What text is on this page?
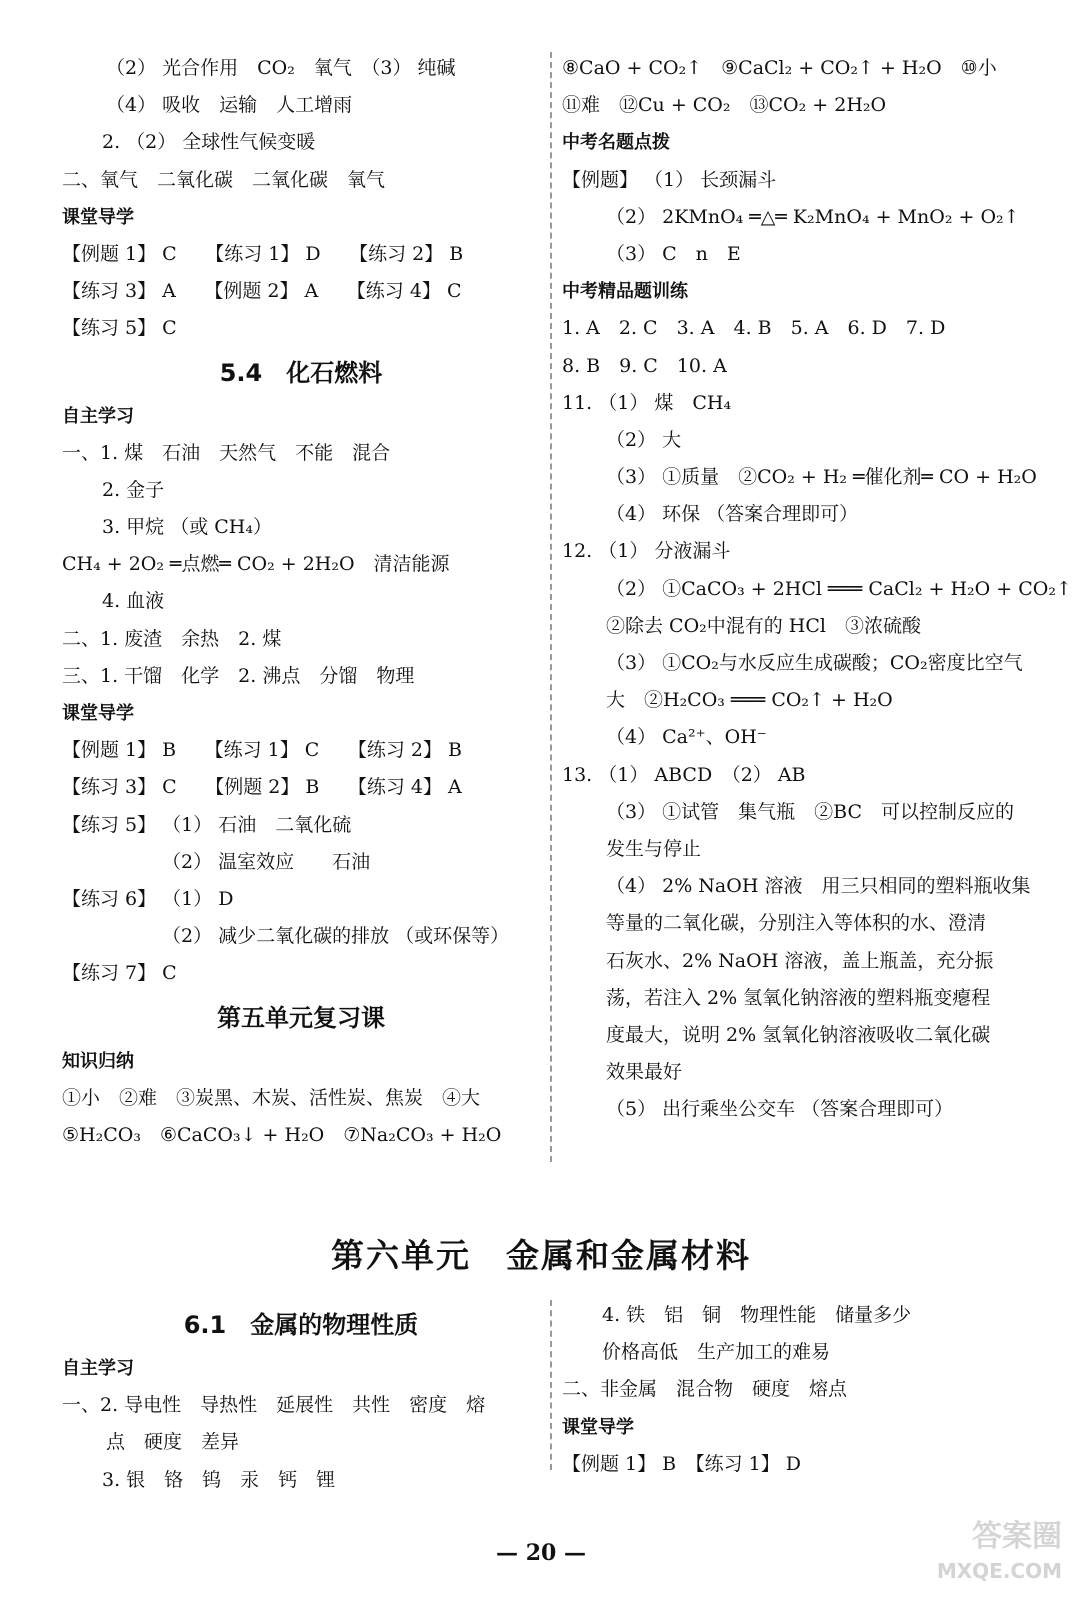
（2） 光合作用　CO₂　氧气　（3） 纯碱
（4） 吸收　运输　人工增雨
2. （2） 全球性气候变暖
二、氧气　二氧化碳　二氧化碳　氧气
课堂导学
【例题 1】 C　　【练习 1】 D　　【练习 2】 B
【练习 3】 A　　【例题 2】 A　　【练习 4】 C
【练习 5】 C
5.4　化石燃料
自主学习
一、1. 煤　石油　天然气　不能　混合
2. 金子
3. 甲烷 （或 CH₄）
CH₄ + 2O₂ ═点燃═ CO₂ + 2H₂O　清洁能源
4. 血液
二、1. 废渣　余热　2. 煤
三、1. 干馏　化学　2. 沸点　分馏　物理
课堂导学
【例题 1】 B　　【练习 1】 C　　【练习 2】 B
【练习 3】 C　　【例题 2】 B　　【练习 4】 A
【练习 5】 （1） 石油　二氧化硫
（2） 温室效应　　石油
【练习 6】 （1） D
（2） 减少二氧化碳的排放 （或环保等）
【练习 7】 C
第五单元复习课
知识归纳
①小　②难　③炭黑、木炭、活性炭、焦炭　④大
⑤H₂CO₃　⑥CaCO₃↓ + H₂O　⑦Na₂CO₃ + H₂O
⑧CaO + CO₂↑　⑨CaCl₂ + CO₂↑ + H₂O　⑩小
⑪难　⑫Cu + CO₂　⑬CO₂ + 2H₂O
中考名题点拨
【例题】 （1） 长颈漏斗
（2） 2KMnO₄ ═△═ K₂MnO₄ + MnO₂ + O₂↑
（3） C　n　E
中考精品题训练
1. A　2. C　3. A　4. B　5. A　6. D　7. D
8. B　9. C　10. A
11. （1） 煤　CH₄
（2） 大
（3） ①质量　②CO₂ + H₂ ═催化剂═ CO + H₂O
（4） 环保 （答案合理即可）
12. （1） 分液漏斗
（2） ①CaCO₃ + 2HCl ═══ CaCl₂ + H₂O + CO₂↑
②除去 CO₂中混有的 HCl　③浓硫酸
（3） ①CO₂与水反应生成碳酸；CO₂密度比空气
大　②H₂CO₃ ═══ CO₂↑ + H₂O
（4） Ca²⁺、OH⁻
13. （1） ABCD　（2） AB
（3） ①试管　集气瓶　②BC　可以控制反应的
发生与停止
（4） 2% NaOH 溶液　用三只相同的塑料瓶收集
等量的二氧化碳，分别注入等体积的水、澄清
石灰水、2% NaOH 溶液，盖上瓶盖，充分振
荡，若注入 2% 氢氧化钠溶液的塑料瓶变瘪程
度最大，说明 2% 氢氧化钠溶液吸收二氧化碳
效果最好
（5） 出行乘坐公交车 （答案合理即可）
第六单元　金属和金属材料
6.1　金属的物理性质
自主学习
一、2. 导电性　导热性　延展性　共性　密度　熔
点　硬度　差异
3. 银　铬　钨　汞　钙　锂
4. 铁　铝　铜　物理性能　储量多少
价格高低　生产加工的难易
二、非金属　混合物　硬度　熔点
课堂导学
【例题 1】 B　【练习 1】 D
— 20 —	答案圈
MXQE.COM
